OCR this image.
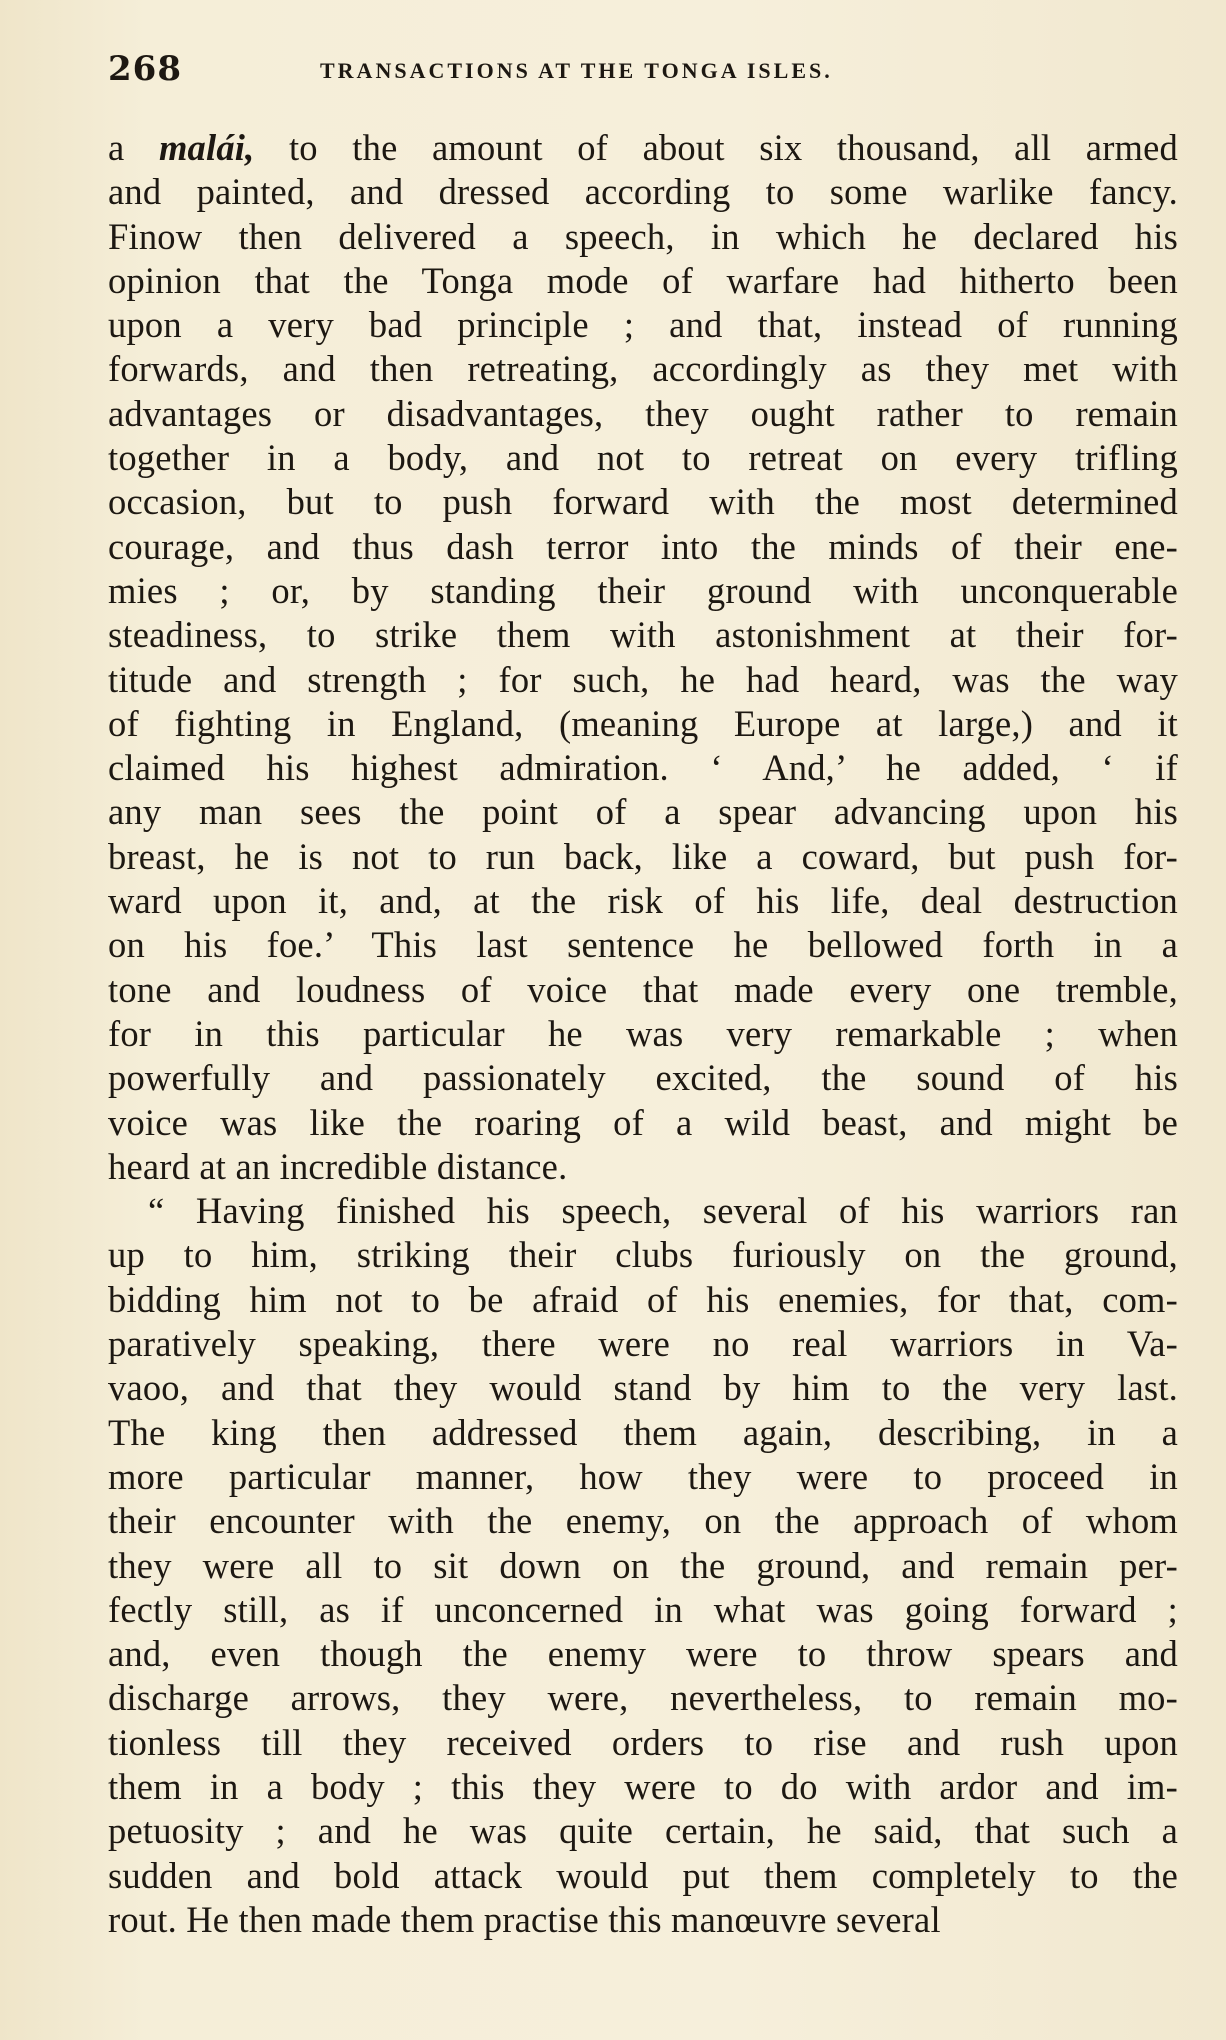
268	TRANSACTIONS AT THE TONGA ISLES.
a malái, to the amount of about six thousand, all armed
and painted, and dressed according to some warlike fancy.
Finow then delivered a speech, in which he declared his
opinion that the Tonga mode of warfare had hitherto been
upon a very bad principle ; and that, instead of running
forwards, and then retreating, accordingly as they met with
advantages or disadvantages, they ought rather to remain
together in a body, and not to retreat on every trifling
occasion, but to push forward with the most determined
courage, and thus dash terror into the minds of their ene-
mies ; or, by standing their ground with unconquerable
steadiness, to strike them with astonishment at their for-
titude and strength ; for such, he had heard, was the way
of fighting in England, (meaning Europe at large,) and it
claimed his highest admiration. ‘ And,’ he added, ‘ if
any man sees the point of a spear advancing upon his
breast, he is not to run back, like a coward, but push for-
ward upon it, and, at the risk of his life, deal destruction
on his foe.’ This last sentence he bellowed forth in a
tone and loudness of voice that made every one tremble,
for in this particular he was very remarkable ; when
powerfully and passionately excited, the sound of his
voice was like the roaring of a wild beast, and might be
heard at an incredible distance.
“ Having finished his speech, several of his warriors ran
up to him, striking their clubs furiously on the ground,
bidding him not to be afraid of his enemies, for that, com-
paratively speaking, there were no real warriors in Va-
vaoo, and that they would stand by him to the very last.
The king then addressed them again, describing, in a
more particular manner, how they were to proceed in
their encounter with the enemy, on the approach of whom
they were all to sit down on the ground, and remain per-
fectly still, as if unconcerned in what was going forward ;
and, even though the enemy were to throw spears and
discharge arrows, they were, nevertheless, to remain mo-
tionless till they received orders to rise and rush upon
them in a body ; this they were to do with ardor and im-
petuosity ; and he was quite certain, he said, that such a
sudden and bold attack would put them completely to the
rout. He then made them practise this manœuvre several
